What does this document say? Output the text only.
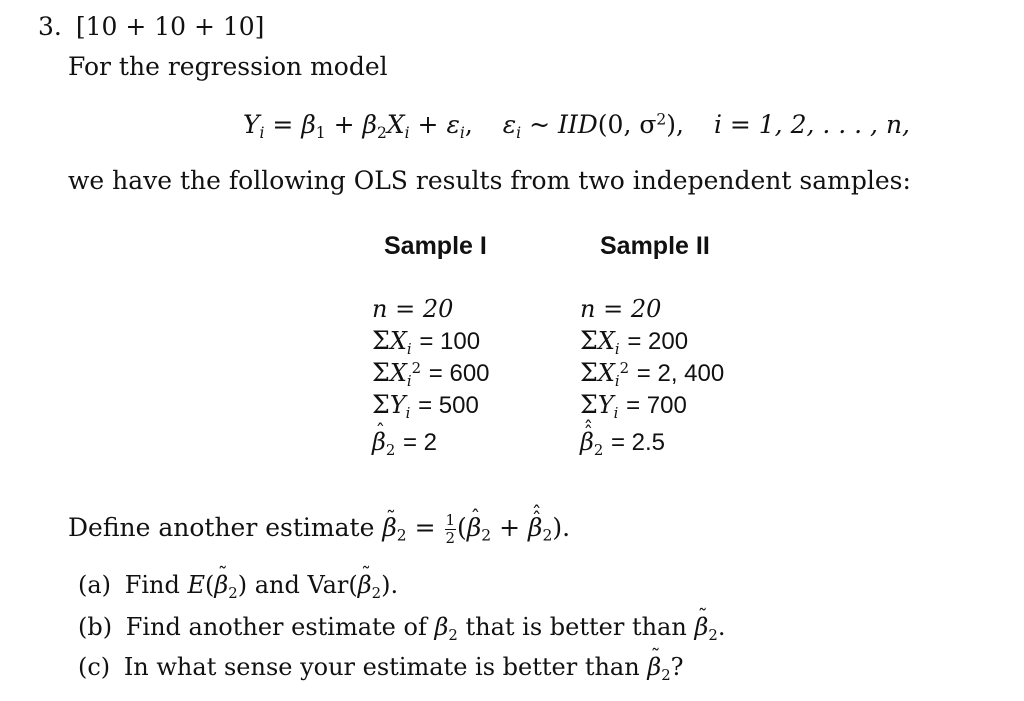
3. [10 + 10 + 10]
For the regression model
$Y_i = \beta_1 + \beta_2X_i + \varepsilon_i$, $\varepsilon_i$ ~ IID(0, $\sigma^2$), i = 1, 2, . . . , n,
we have the following OLS results from two independent samples:
Sample I	Sample II
n = 20
$\Sigma X_i = 100$
$\Sigma X_i^2 = 600$
$\Sigma Y_i = 500$
ˆ $\beta_2 = 2$
n = 20
$\Sigma X_i = 200$
$\Sigma X_i^2 = 2$, 400
$\Sigma Y_i = 700$
ˆ β ˆ$_2$ = 2.5
Define another estimate ˜ $\beta_2 = \frac{1}{2}$ (ˆ $\beta_2$ + ˆ β ˆ$_2$).
(a) Find E(˜ $\beta_2$) and Var(˜ $\beta_2$).
(b) Find another estimate of $\beta_2$ that is better than ˜ $\beta_2$.
(c) In what sense your estimate is better than ˜ $\beta_2$?
